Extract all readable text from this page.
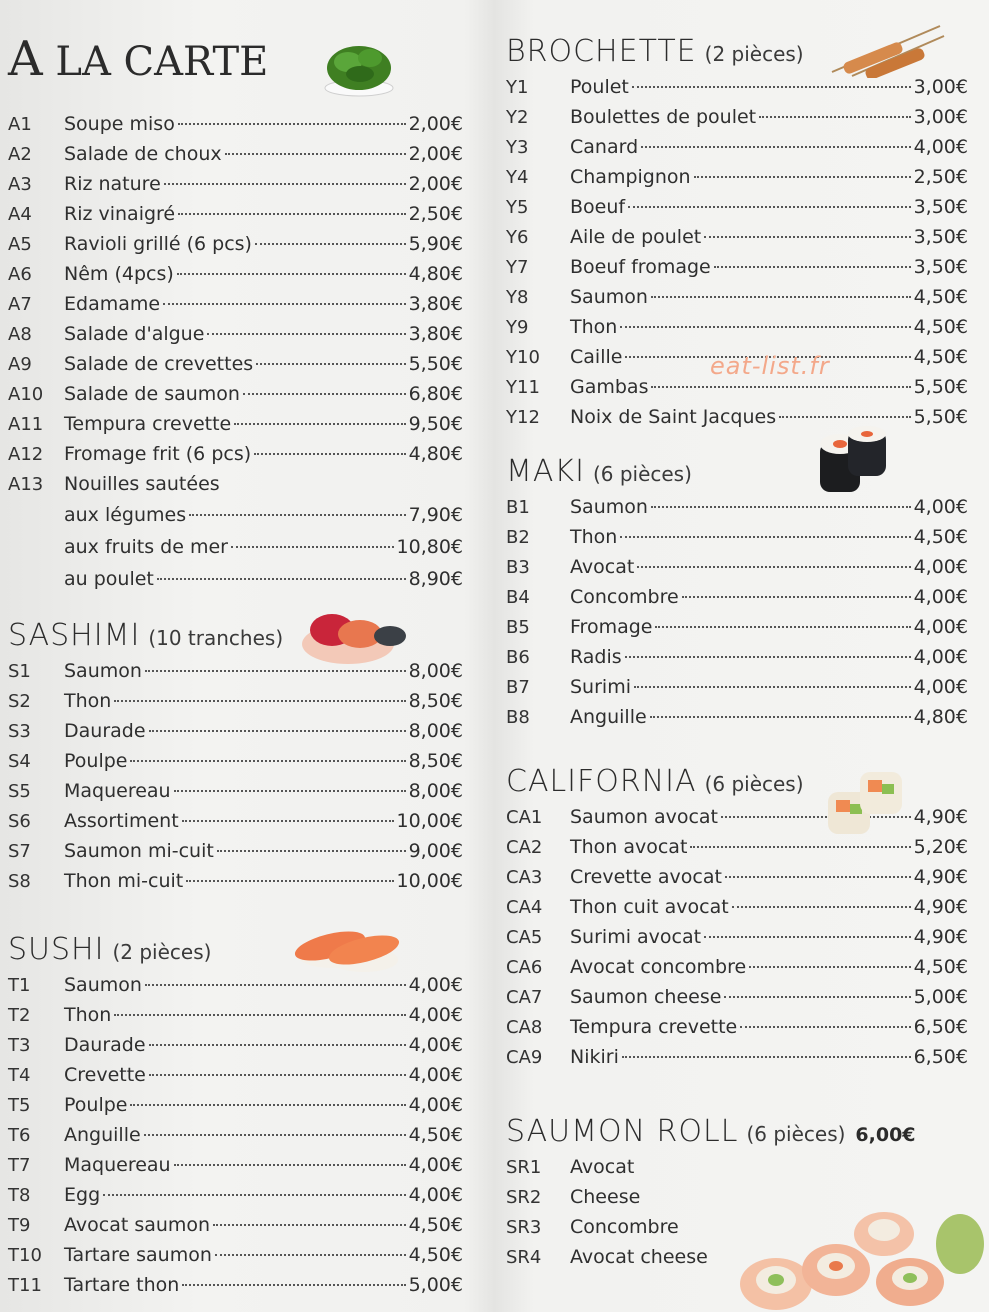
A LA CARTE
A1	Soupe miso	2,00€
A2	Salade de choux	2,00€
A3	Riz nature	2,00€
A4	Riz vinaigré	2,50€
A5	Ravioli grillé (6 pcs)	5,90€
A6	Nêm (4pcs)	4,80€
A7	Edamame	3,80€
A8	Salade d'algue	3,80€
A9	Salade de crevettes	5,50€
A10	Salade de saumon	6,80€
A11	Tempura crevette	9,50€
A12	Fromage frit (6 pcs)	4,80€
A13	Nouilles sautées
aux légumes	7,90€
aux fruits de mer	10,80€
au poulet	8,90€
SASHIMI (10 tranches)
S1	Saumon	8,00€
S2	Thon	8,50€
S3	Daurade	8,00€
S4	Poulpe	8,50€
S5	Maquereau	8,00€
S6	Assortiment	10,00€
S7	Saumon mi-cuit	9,00€
S8	Thon mi-cuit	10,00€
SUSHI (2 pièces)
T1	Saumon	4,00€
T2	Thon	4,00€
T3	Daurade	4,00€
T4	Crevette	4,00€
T5	Poulpe	4,00€
T6	Anguille	4,50€
T7	Maquereau	4,00€
T8	Egg	4,00€
T9	Avocat saumon	4,50€
T10	Tartare saumon	4,50€
T11	Tartare thon	5,00€
BROCHETTE (2 pièces)
Y1	Poulet	3,00€
Y2	Boulettes de poulet	3,00€
Y3	Canard	4,00€
Y4	Champignon	2,50€
Y5	Boeuf	3,50€
Y6	Aile de poulet	3,50€
Y7	Boeuf fromage	3,50€
Y8	Saumon	4,50€
Y9	Thon	4,50€
Y10	Caille	4,50€
Y11	Gambas	5,50€
Y12	Noix de Saint Jacques	5,50€
MAKI (6 pièces)
B1	Saumon	4,00€
B2	Thon	4,50€
B3	Avocat	4,00€
B4	Concombre	4,00€
B5	Fromage	4,00€
B6	Radis	4,00€
B7	Surimi	4,00€
B8	Anguille	4,80€
CALIFORNIA (6 pièces)
CA1	Saumon avocat	4,90€
CA2	Thon avocat	5,20€
CA3	Crevette avocat	4,90€
CA4	Thon cuit avocat	4,90€
CA5	Surimi avocat	4,90€
CA6	Avocat concombre	4,50€
CA7	Saumon cheese	5,00€
CA8	Tempura crevette	6,50€
CA9	Nikiri	6,50€
SAUMON ROLL (6 pièces) 6,00€
SR1	Avocat
SR2	Cheese
SR3	Concombre
SR4	Avocat cheese
eat-list.fr
